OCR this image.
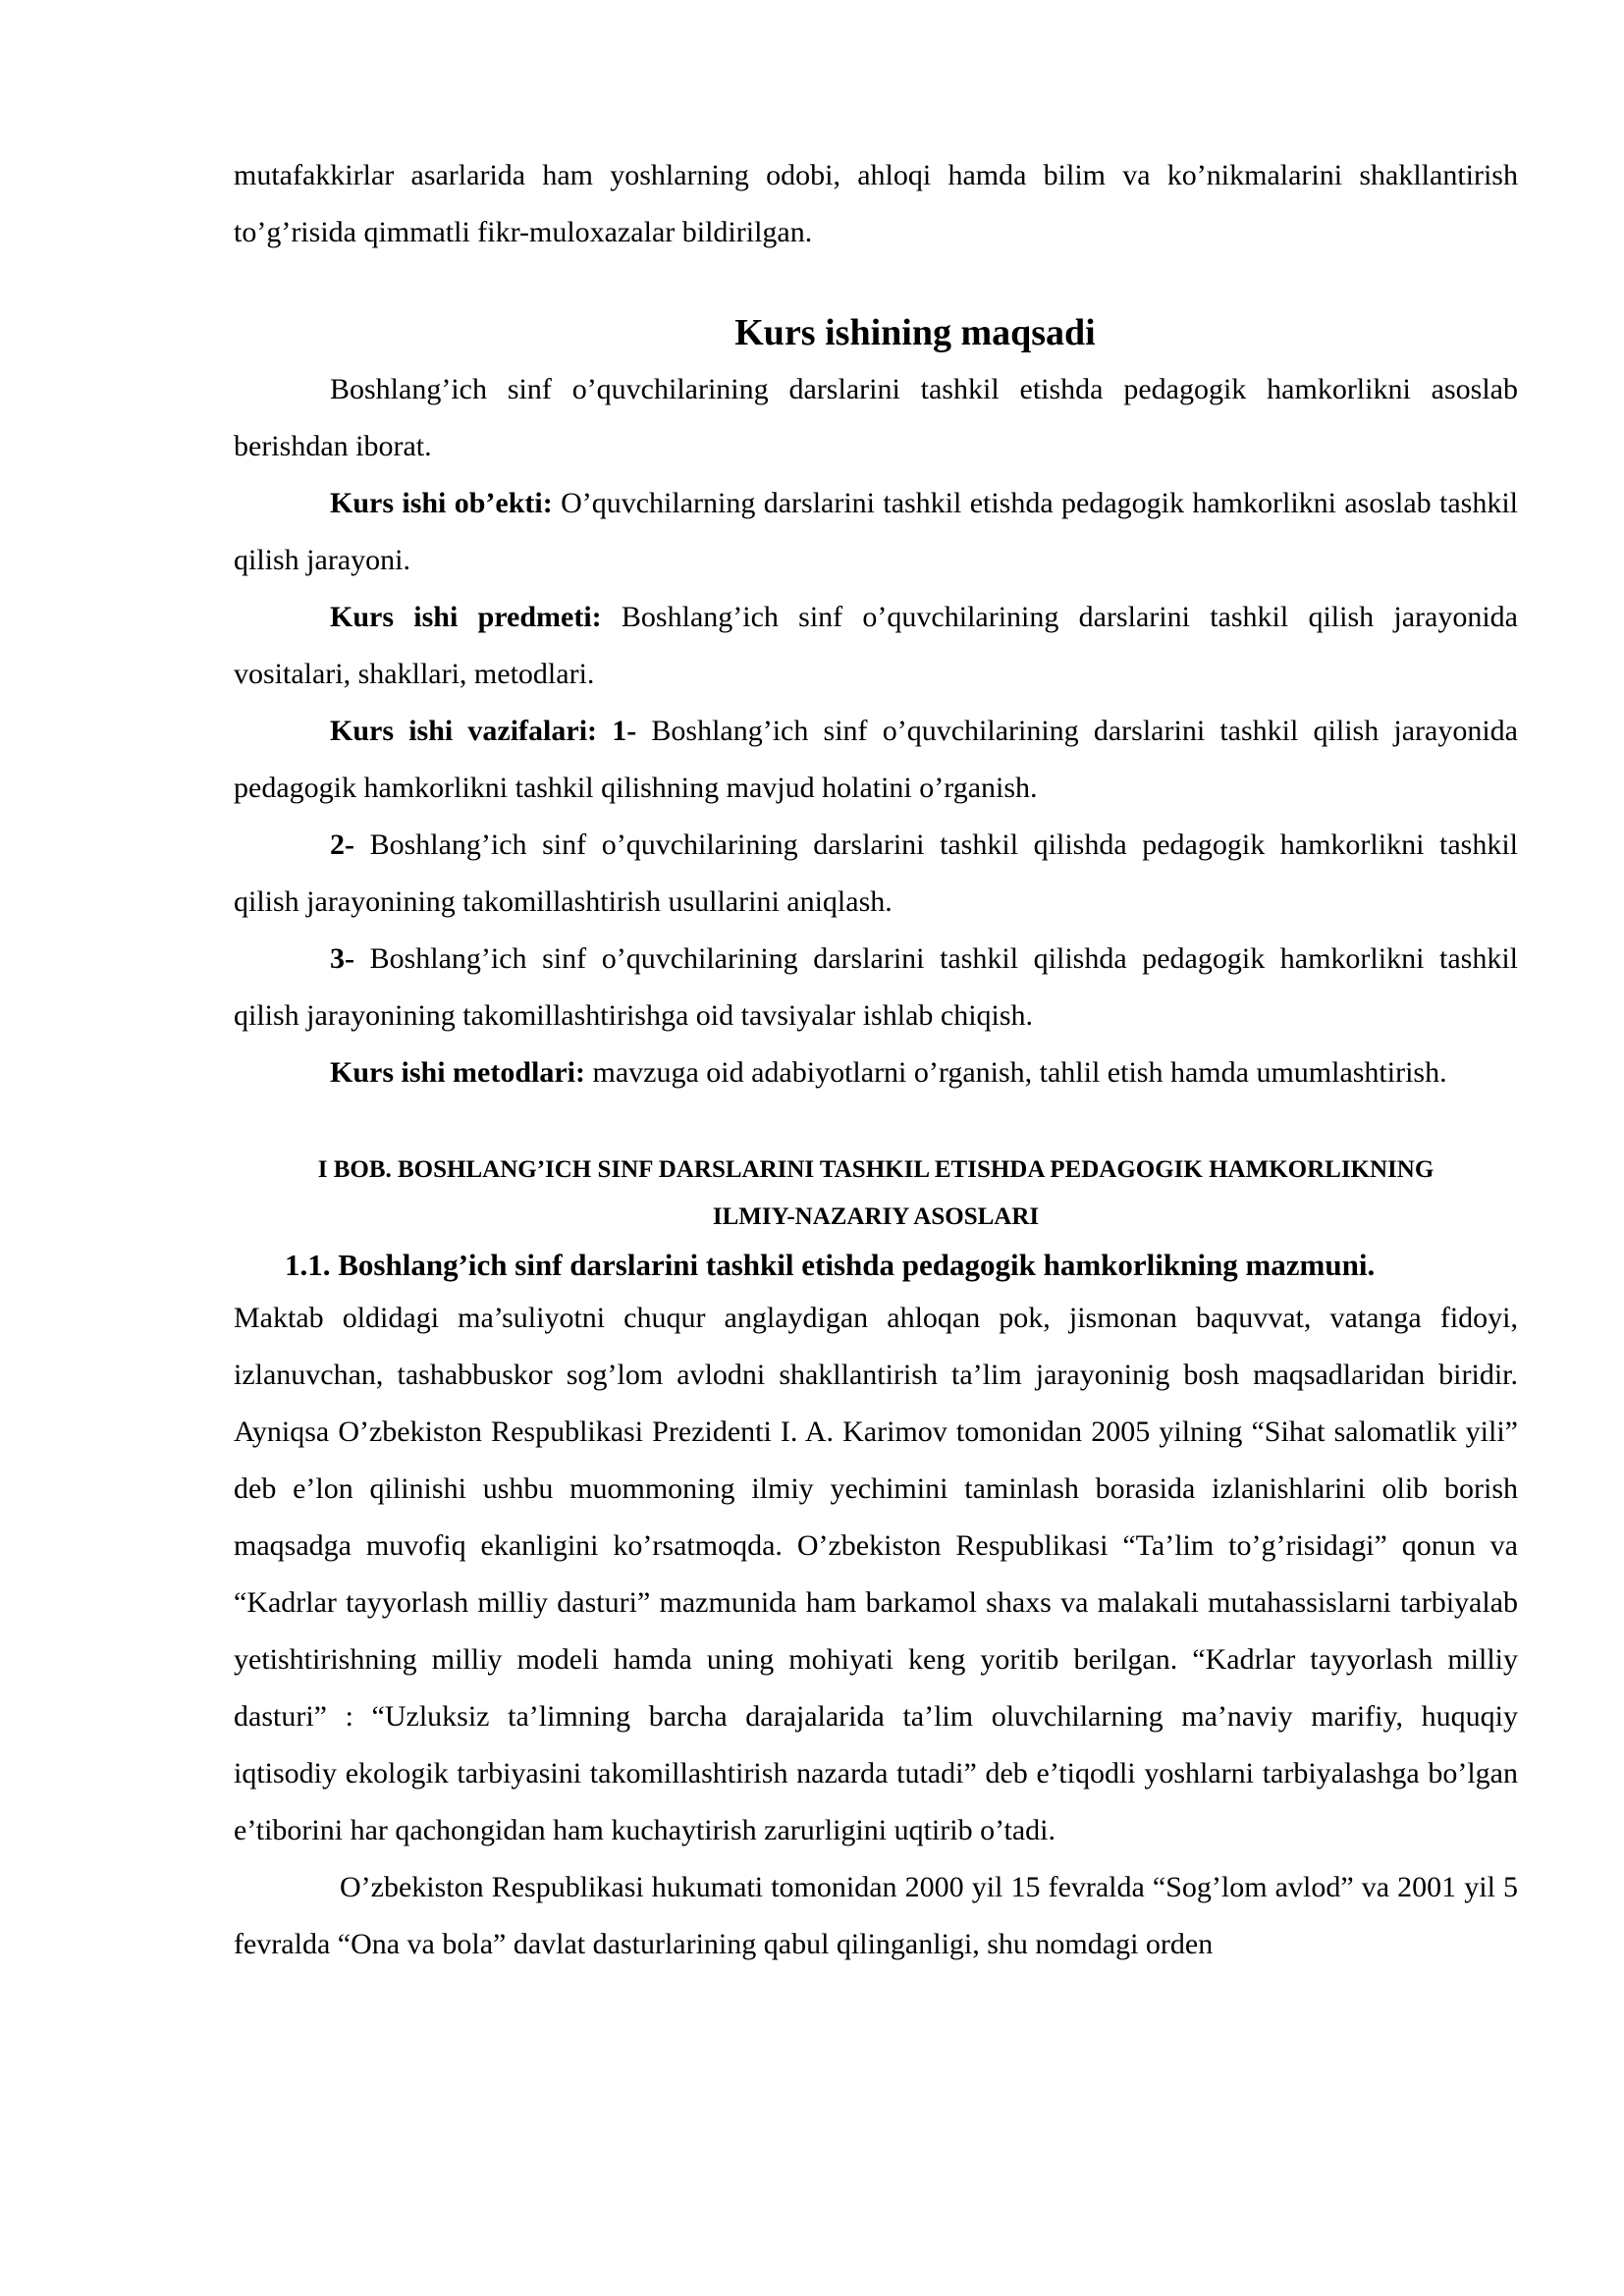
mutafakkirlar asarlarida ham yoshlarning odobi, ahloqi hamda bilim va ko’nikmalarini shakllantirish to’g’risida qimmatli fikr-muloxazalar bildirilgan.

Kurs ishining maqsadi

Boshlang’ich sinf o’quvchilarining darslarini tashkil etishda pedagogik hamkorlikni asoslab berishdan iborat.

Kurs ishi ob’ekti: O’quvchilarning darslarini tashkil etishda pedagogik hamkorlikni asoslab tashkil qilish jarayoni.

Kurs ishi predmeti: Boshlang’ich sinf o’quvchilarining darslarini tashkil qilish jarayonida vositalari, shakllari, metodlari.

Kurs ishi vazifalari: 1- Boshlang’ich sinf o’quvchilarining darslarini tashkil qilish jarayonida pedagogik hamkorlikni tashkil qilishning mavjud holatini o’rganish.

2- Boshlang’ich sinf o’quvchilarining darslarini tashkil qilishda pedagogik hamkorlikni tashkil qilish jarayonining takomillashtirish usullarini aniqlash.

3- Boshlang’ich sinf o’quvchilarining darslarini tashkil qilishda pedagogik hamkorlikni tashkil qilish jarayonining takomillashtirishga oid tavsiyalar ishlab chiqish.

Kurs ishi metodlari: mavzuga oid adabiyotlarni o’rganish, tahlil etish hamda umumlashtirish.

I BOB. BOSHLANG’ICH SINF DARSLARINI TASHKIL ETISHDA PEDAGOGIK HAMKORLIKNING
ILMIY-NAZARIY ASOSLARI

1.1. Boshlang’ich sinf darslarini tashkil etishda pedagogik hamkorlikning mazmuni.

Maktab oldidagi ma’suliyotni chuqur anglaydigan ahloqan pok, jismonan baquvvat, vatanga fidoyi, izlanuvchan, tashabbuskor sog’lom avlodni shakllantirish ta’lim jarayoninig bosh maqsadlaridan biridir. Ayniqsa O’zbekiston Respublikasi Prezidenti I. A. Karimov tomonidan 2005 yilning “Sihat salomatlik yili” deb e’lon qilinishi ushbu muommoning ilmiy yechimini taminlash borasida izlanishlarini olib borish maqsadga muvofiq ekanligini ko’rsatmoqda. O’zbekiston Respublikasi “Ta’lim to’g’risidagi” qonun va “Kadrlar tayyorlash milliy dasturi” mazmunida ham barkamol shaxs va malakali mutahassislarni tarbiyalab yetishtirishning milliy modeli hamda uning mohiyati keng yoritib berilgan. “Kadrlar tayyorlash milliy dasturi” : “Uzluksiz ta’limning barcha darajalarida ta’lim oluvchilarning ma’naviy marifiy, huquqiy iqtisodiy ekologik tarbiyasini takomillashtirish nazarda tutadi” deb e’tiqodli yoshlarni tarbiyalashga bo’lgan e’tiborini har qachongidan ham kuchaytirish zarurligini uqtirib o’tadi.

O’zbekiston Respublikasi hukumati tomonidan 2000 yil 15 fevralda “Sog’lom avlod” va 2001 yil 5 fevralda “Ona va bola” davlat dasturlarining qabul qilinganligi, shu nomdagi orden
